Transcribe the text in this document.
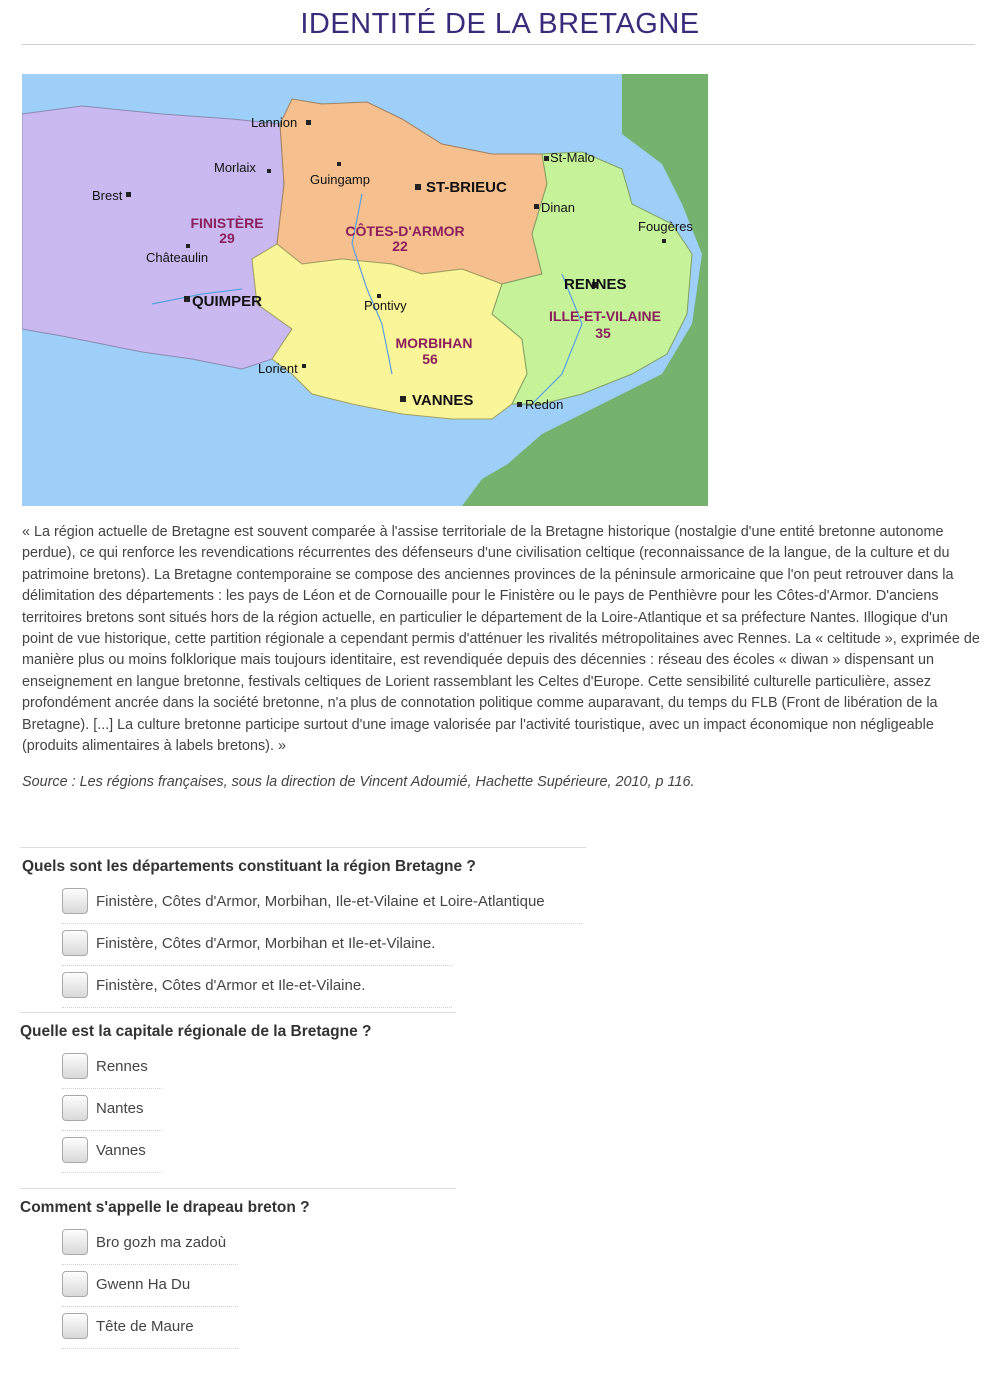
IDENTITÉ DE LA BRETAGNE
Lannion
Morlaix
Brest
Guingamp
St-Malo
ST-BRIEUC
Dinan
Fougères
Châteaulin
QUIMPER	Pontivy
RENNES
Lorient
VANNES	Redon
FINISTÈRE
29	CÔTES-D'ARMOR
22
MORBIHAN
56
ILLE-ET-VILAINE
35
« La région actuelle de Bretagne est souvent comparée à l'assise territoriale de la Bretagne historique (nostalgie d'une entité bretonne autonome perdue), ce qui renforce les revendications récurrentes des défenseurs d'une civilisation celtique (reconnaissance de la langue, de la culture et du patrimoine bretons). La Bretagne contemporaine se compose des anciennes provinces de la péninsule armoricaine que l'on peut retrouver dans la délimitation des départements : les pays de Léon et de Cornouaille pour le Finistère ou le pays de Penthièvre pour les Côtes-d'Armor. D'anciens territoires bretons sont situés hors de la région actuelle, en particulier le département de la Loire-Atlantique et sa préfecture Nantes. Illogique d'un point de vue historique, cette partition régionale a cependant permis d'atténuer les rivalités métropolitaines avec Rennes. La « celtitude », exprimée de manière plus ou moins folklorique mais toujours identitaire, est revendiquée depuis des décennies : réseau des écoles « diwan » dispensant un enseignement en langue bretonne, festivals celtiques de Lorient rassemblant les Celtes d'Europe. Cette sensibilité culturelle particulière, assez profondément ancrée dans la société bretonne, n'a plus de connotation politique comme auparavant, du temps du FLB (Front de libération de la Bretagne). [...] La culture bretonne participe surtout d'une image valorisée par l'activité touristique, avec un impact économique non négligeable (produits alimentaires à labels bretons). »
Source : Les régions françaises, sous la direction de Vincent Adoumié, Hachette Supérieure, 2010, p 116.
Quels sont les départements constituant la région Bretagne ?
Finistère, Côtes d'Armor, Morbihan, Ile-et-Vilaine et Loire-Atlantique
Finistère, Côtes d'Armor, Morbihan et Ile-et-Vilaine.
Finistère, Côtes d'Armor et Ile-et-Vilaine.
Quelle est la capitale régionale de la Bretagne ?
Rennes
Nantes
Vannes
Comment s'appelle le drapeau breton ?
Bro gozh ma zadoù
Gwenn Ha Du
Tête de Maure
